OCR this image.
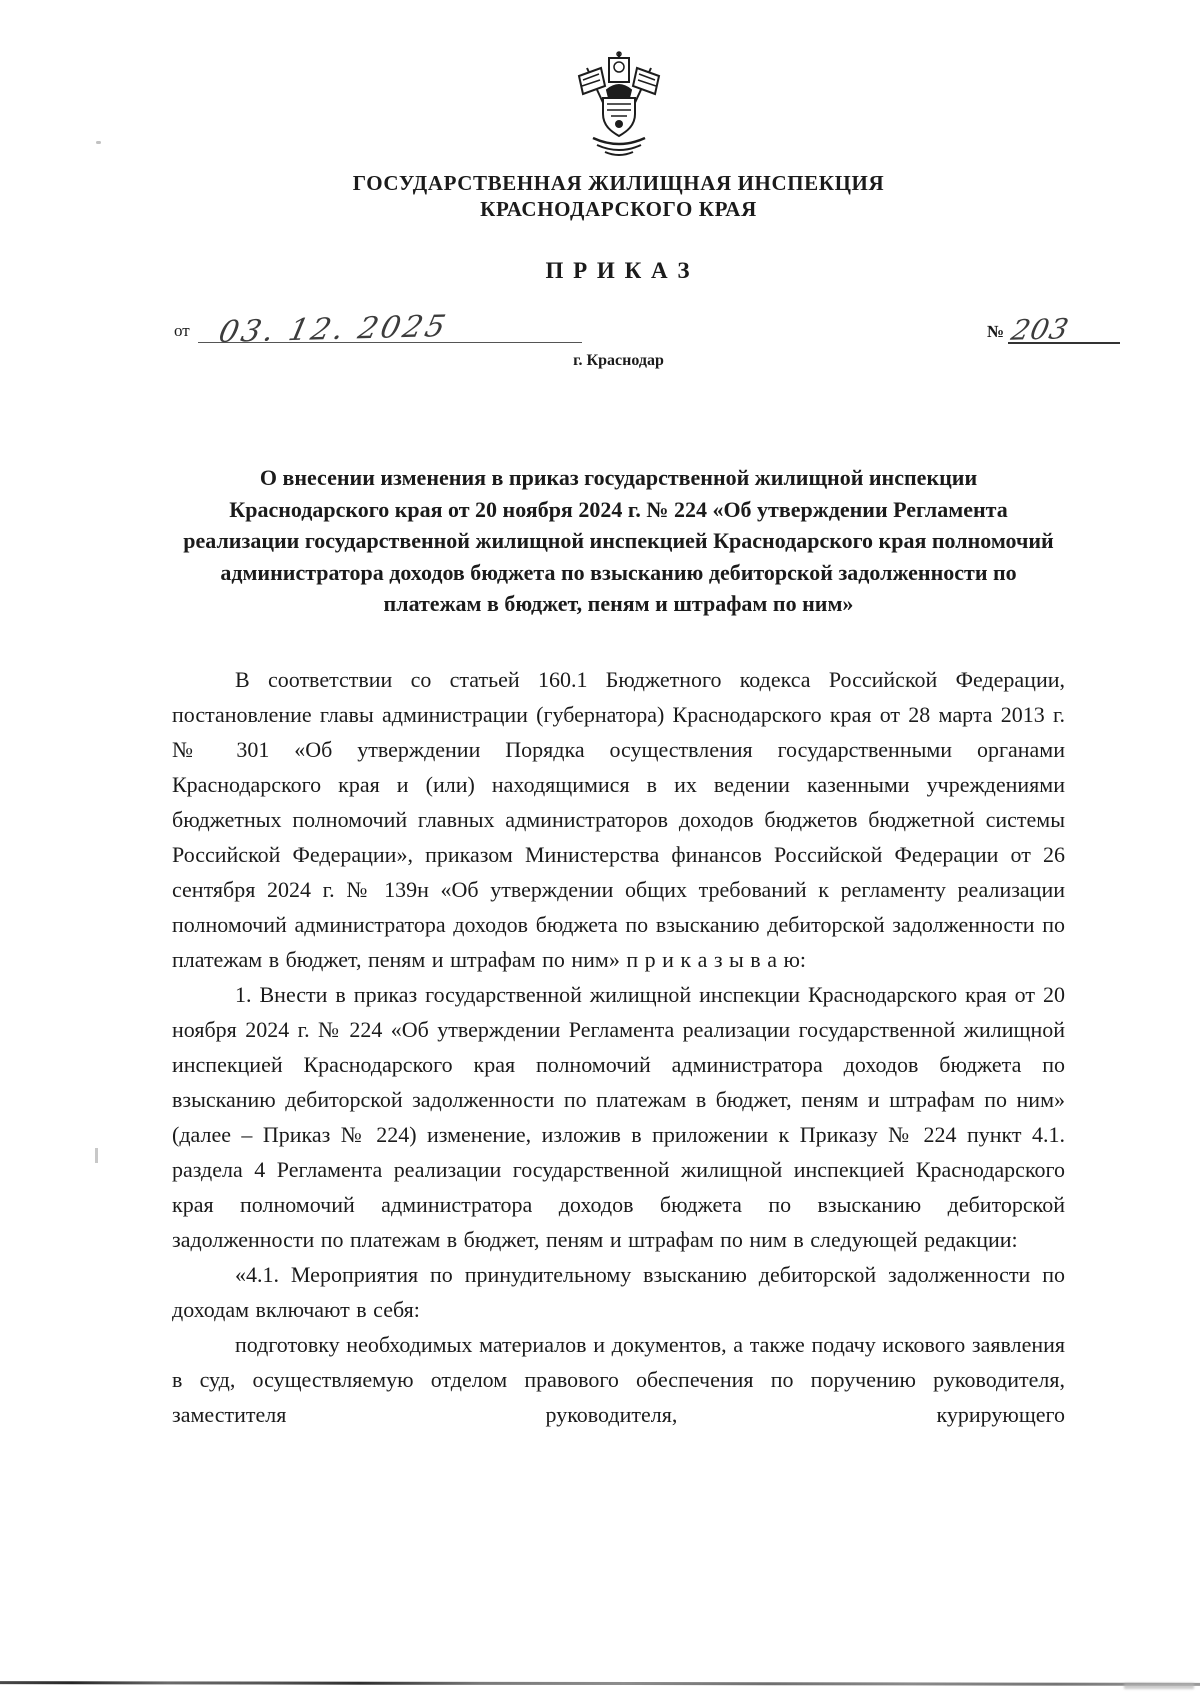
ГОСУДАРСТВЕННАЯ ЖИЛИЩНАЯ ИНСПЕКЦИЯ
КРАСНОДАРСКОГО КРАЯ
П Р И К А З
от 03. 12. 2025	№ 203
г. Краснодар
О внесении изменения в приказ государственной жилищной инспекции Краснодарского края от 20 ноября 2024 г. № 224 «Об утверждении Регламента реализации государственной жилищной инспекцией Краснодарского края полномочий администратора доходов бюджета по взысканию дебиторской задолженности по платежам в бюджет, пеням и штрафам по ним»

В соответствии со статьей 160.1 Бюджетного кодекса Российской Федерации, постановление главы администрации (губернатора) Краснодарского края от 28 марта 2013 г. № 301 «Об утверждении Порядка осуществления государственными органами Краснодарского края и (или) находящимися в их ведении казенными учреждениями бюджетных полномочий главных администраторов доходов бюджетов бюджетной системы Российской Федерации», приказом Министерства финансов Российской Федерации от 26 сентября 2024 г. № 139н «Об утверждении общих требований к регламенту реализации полномочий администратора доходов бюджета по взысканию дебиторской задолженности по платежам в бюджет, пеням и штрафам по ним» п р и к а з ы в а ю:

1. Внести в приказ государственной жилищной инспекции Краснодарского края от 20 ноября 2024 г. № 224 «Об утверждении Регламента реализации государственной жилищной инспекцией Краснодарского края полномочий администратора доходов бюджета по взысканию дебиторской задолженности по платежам в бюджет, пеням и штрафам по ним» (далее – Приказ № 224) изменение, изложив в приложении к Приказу № 224 пункт 4.1. раздела 4 Регламента реализации государственной жилищной инспекцией Краснодарского края полномочий администратора доходов бюджета по взысканию дебиторской задолженности по платежам в бюджет, пеням и штрафам по ним в следующей редакции:

«4.1. Мероприятия по принудительному взысканию дебиторской задолженности по доходам включают в себя:

подготовку необходимых материалов и документов, а также подачу искового заявления в суд, осуществляемую отделом правового обеспечения по поручению руководителя, заместителя руководителя, курирующего
